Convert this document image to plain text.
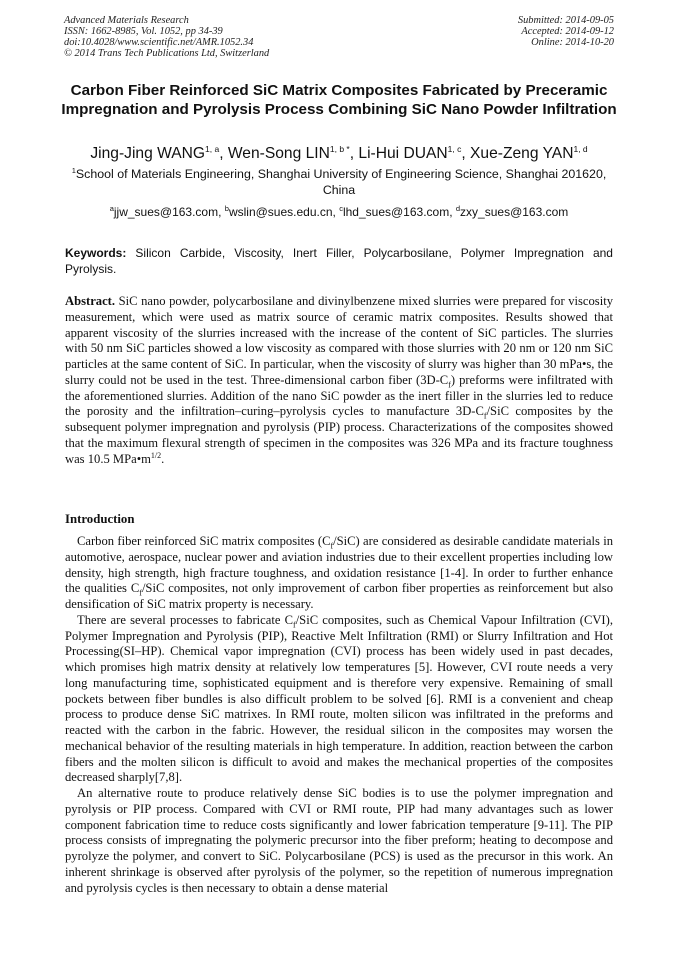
Advanced Materials Research
ISSN: 1662-8985, Vol. 1052, pp 34-39
doi:10.4028/www.scientific.net/AMR.1052.34
© 2014 Trans Tech Publications Ltd, Switzerland
Submitted: 2014-09-05
Accepted: 2014-09-12
Online: 2014-10-20
Carbon Fiber Reinforced SiC Matrix Composites Fabricated by Preceramic Impregnation and Pyrolysis Process Combining SiC Nano Powder Infiltration
Jing-Jing WANG$^{1, a}$, Wen-Song $LIN^{1, b *}$, Li-Hui DUAN$^{1, c}$, Xue-Zeng YAN$^{1, d}$
$^1$School of Materials Engineering, Shanghai University of Engineering Science, Shanghai 201620, China
$^a$jjw_sues@163.com, $^b$wslin@sues.edu.cn, $^c$lhd_sues@163.com, $^d$zxy_sues@163.com
Keywords: Silicon Carbide, Viscosity, Inert Filler, Polycarbosilane, Polymer Impregnation and Pyrolysis.
Abstract. SiC nano powder, polycarbosilane and divinylbenzene mixed slurries were prepared for viscosity measurement, which were used as matrix source of ceramic matrix composites. Results showed that apparent viscosity of the slurries increased with the increase of the content of SiC particles. The slurries with 50 nm SiC particles showed a low viscosity as compared with those slurries with 20 nm or 120 nm SiC particles at the same content of SiC. In particular, when the viscosity of slurry was higher than 30 mPa•s, the slurry could not be used in the test. Three-dimensional carbon fiber $(3D-C_f)$ preforms were infiltrated with the aforementioned slurries. Addition of the nano SiC powder as the inert filler in the slurries led to reduce the porosity and the infiltration–curing–pyrolysis cycles to manufacture $3D-C_f$/SiC composites by the subsequent polymer impregnation and pyrolysis (PIP) process. Characterizations of the composites showed that the maximum flexural strength of specimen in the composites was 326 MPa and its fracture toughness was 10.5 $MPa•m^{1/2}$.
Introduction

Carbon fiber reinforced SiC matrix composites $(C_f/SiC)$ are considered as desirable candidate materials in automotive, aerospace, nuclear power and aviation industries due to their excellent properties including low density, high strength, high fracture toughness, and oxidation resistance [1-4]. In order to further enhance the qualities $C_f$/SiC composites, not only improvement of carbon fiber properties as reinforcement but also densification of SiC matrix property is necessary.

There are several processes to fabricate $C_f$/SiC composites, such as Chemical Vapour Infiltration (CVI), Polymer Impregnation and Pyrolysis (PIP), Reactive Melt Infiltration (RMI) or Slurry Infiltration and Hot Processing(SI–HP). Chemical vapor impregnation (CVI) process has been widely used in past decades, which promises high matrix density at relatively low temperatures [5]. However, CVI route needs a very long manufacturing time, sophisticated equipment and is therefore very expensive. Remaining of small pockets between fiber bundles is also difficult problem to be solved [6]. RMI is a convenient and cheap process to produce dense SiC matrixes. In RMI route, molten silicon was infiltrated in the preforms and reacted with the carbon in the fabric. However, the residual silicon in the composites may worsen the mechanical behavior of the resulting materials in high temperature. In addition, reaction between the carbon fibers and the molten silicon is difficult to avoid and makes the mechanical properties of the composites decreased sharply[7,8].

An alternative route to produce relatively dense SiC bodies is to use the polymer impregnation and pyrolysis or PIP process. Compared with CVI or RMI route, PIP had many advantages such as lower component fabrication time to reduce costs significantly and lower fabrication temperature [9-11]. The PIP process consists of impregnating the polymeric precursor into the fiber preform; heating to decompose and pyrolyze the polymer, and convert to SiC. Polycarbosilane (PCS) is used as the precursor in this work. An inherent shrinkage is observed after pyrolysis of the polymer, so the repetition of numerous impregnation and pyrolysis cycles is then necessary to obtain a dense material
